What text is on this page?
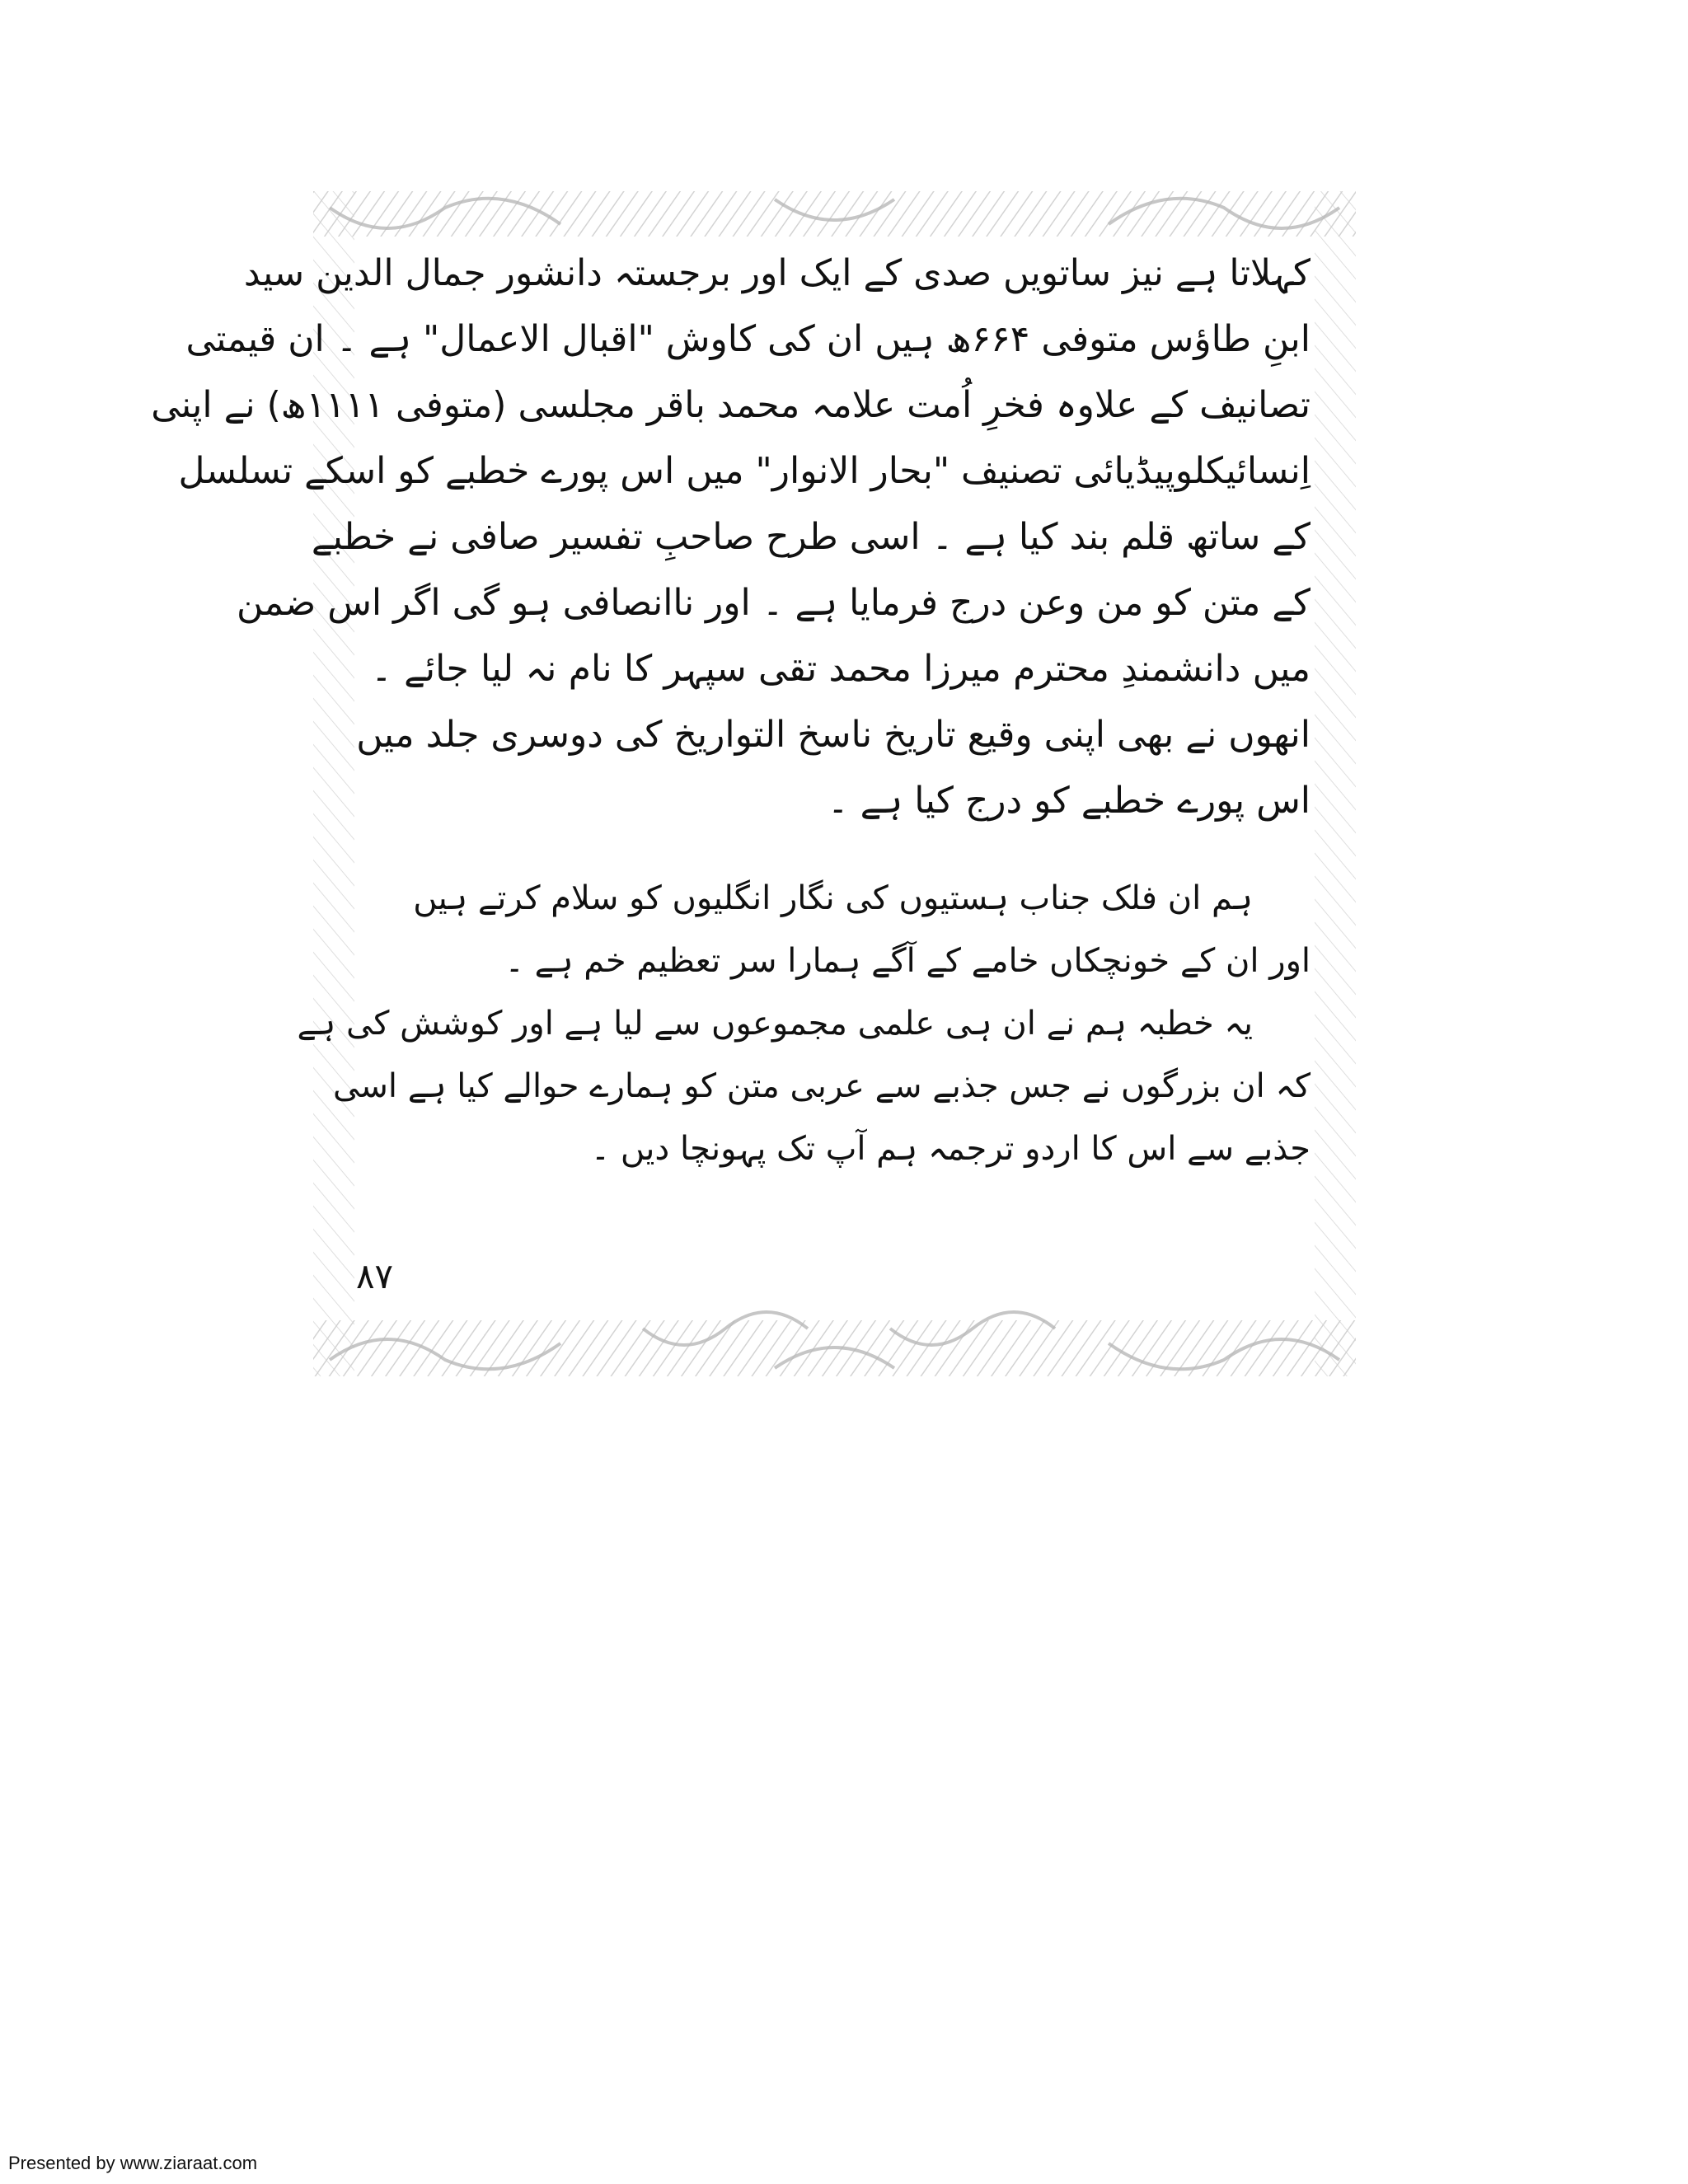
کہلاتا ہے نیز ساتویں صدی کے ایک اور برجستہ دانشور جمال الدین سید
ابنِ طاؤس متوفی ۶۶۴ھ ہیں ان کی کاوش "اقبال الاعمال" ہے ۔ ان قیمتی
تصانیف کے علاوہ فخرِ اُمت علامہ محمد باقر مجلسی (متوفی ۱۱۱۱ھ) نے اپنی
اِنسائیکلوپیڈیائی تصنیف "بحار الانوار" میں اس پورے خطبے کو اسکے تسلسل
کے ساتھ قلم بند کیا ہے ۔ اسی طرح صاحبِ تفسیر صافی نے خطبے
کے متن کو من وعن درج فرمایا ہے ۔ اور ناانصافی ہو گی اگر اس ضمن
میں دانشمندِ محترم میرزا محمد تقی سپہر کا نام نہ لیا جائے ۔
انھوں نے بھی اپنی وقیع تاریخ ناسخ التواریخ کی دوسری جلد میں
اس پورے خطبے کو درج کیا ہے ۔
ہم ان فلک جناب ہستیوں کی نگار انگلیوں کو سلام کرتے ہیں
اور ان کے خونچکاں خامے کے آگے ہمارا سر تعظیم خم ہے ۔
یہ خطبہ ہم نے ان ہی علمی مجموعوں سے لیا ہے اور کوشش کی ہے
کہ ان بزرگوں نے جس جذبے سے عربی متن کو ہمارے حوالے کیا ہے اسی
جذبے سے اس کا اردو ترجمہ ہم آپ تک پہونچا دیں ۔
۸۷
Presented by www.ziaraat.com
